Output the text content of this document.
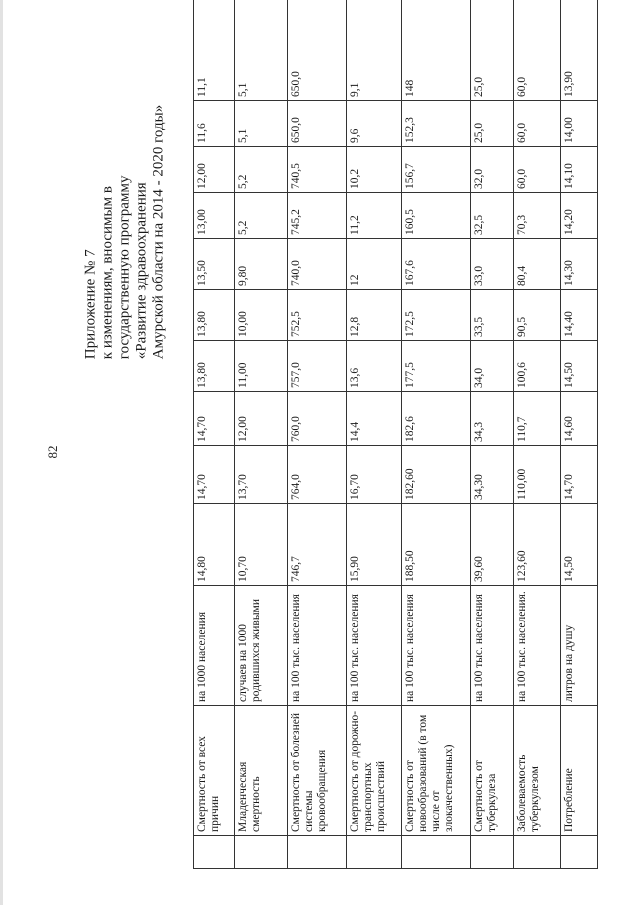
82
Приложение № 7 к изменениям, вносимым в государственную программу «Развитие здравоохранения Амурской области на 2014 - 2020 годы»
	Смертность от всех причин	на 1000 населения	14,80	14,70	14,70	13,80	13,80	13,50	13,00	12,00	11,6	11,1
	Младенческая смертность	случаев на 1000 родившихся живыми	10,70	13,70	12,00	11,00	10,00	9,80	5,2	5,2	5,1	5,1
	Смертность от болезней системы кровообращения	на 100 тыс. населения	746,7	764,0	760,0	757,0	752,5	740,0	745,2	740,5	650,0	650,0
	Смертность от дорожно-транспортных происшествий	на 100 тыс. населения	15,90	16,70	14,4	13,6	12,8	12	11,2	10,2	9,6	9,1
	Смертность от новообразований (в том числе от злокачественных)	на 100 тыс. населения	188,50	182,60	182,6	177,5	172,5	167,6	160,5	156,7	152,3	148
	Смертность от туберкулеза	на 100 тыс. населения	39,60	34,30	34,3	34,0	33,5	33,0	32,5	32,0	25,0	25,0
	Заболеваемость туберкулезом	на 100 тыс. населения.	123,60	110,00	110,7	100,6	90,5	80,4	70,3	60,0	60,0	60,0
	Потребление	литров на душу	14,50	14,70	14,60	14,50	14,40	14,30	14,20	14,10	14,00	13,90
